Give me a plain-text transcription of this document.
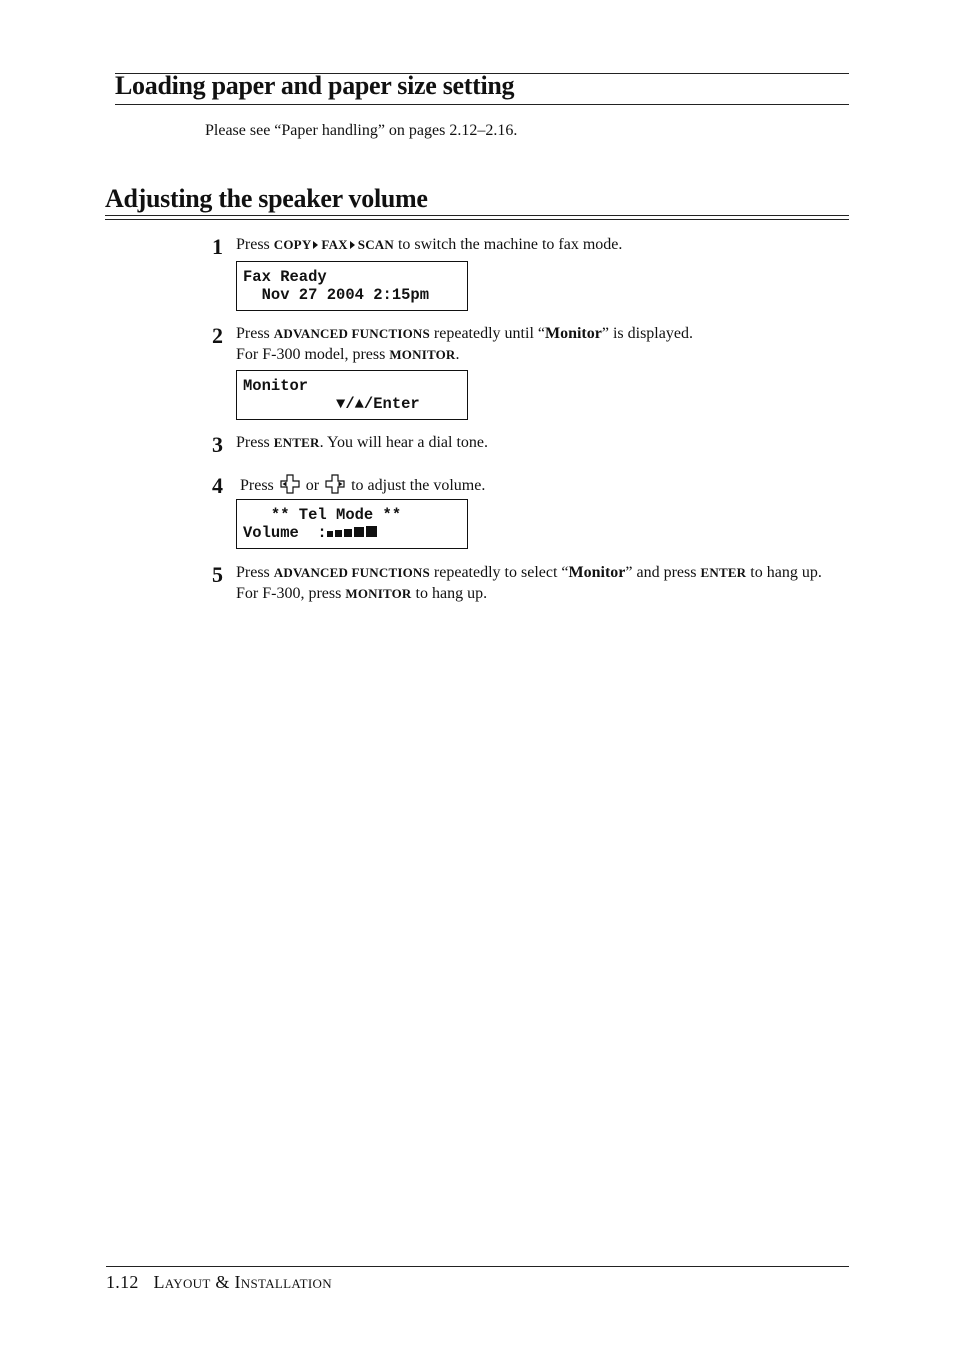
Loading paper and paper size setting
Please see “Paper handling” on pages 2.12–2.16.
Adjusting the speaker volume
1 Press COPY FAX SCAN to switch the machine to fax mode.
Fax Ready
Nov 27 2004 2:15pm
2 Press ADVANCED FUNCTIONS repeatedly until “Monitor” is displayed.
For F-300 model, press MONITOR.
Monitor
▼/▲/Enter
3 Press ENTER. You will hear a dial tone.
4 Press or to adjust the volume.
** Tel Mode **
Volume  :
5 Press ADVANCED FUNCTIONS repeatedly to select “Monitor” and press ENTER to hang up.
For F-300, press MONITOR to hang up.
1.12 Layout & Installation
